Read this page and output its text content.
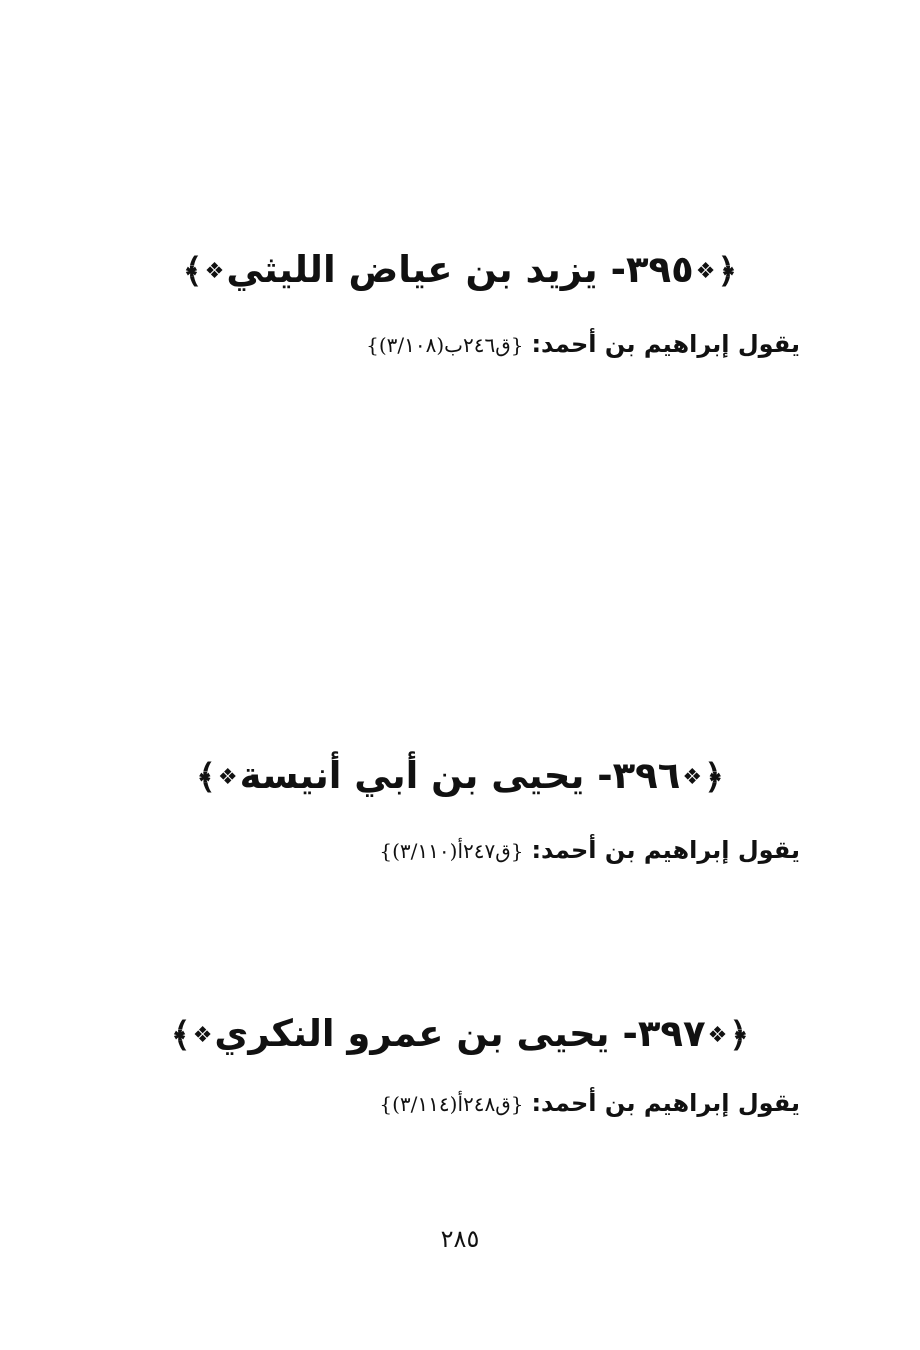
﴿❖٣٩٥- يزيد بن عياض الليثي❖﴾
يقول إبراهيم بن أحمد: {ق٢٤٦ب(٣/١٠٨)}
﴿❖٣٩٦- يحيى بن أبي أنيسة❖﴾
يقول إبراهيم بن أحمد: {ق٢٤٧أ(٣/١١٠)}
﴿❖٣٩٧- يحيى بن عمرو النكري❖﴾
يقول إبراهيم بن أحمد: {ق٢٤٨أ(٣/١١٤)}
٢٨٥
